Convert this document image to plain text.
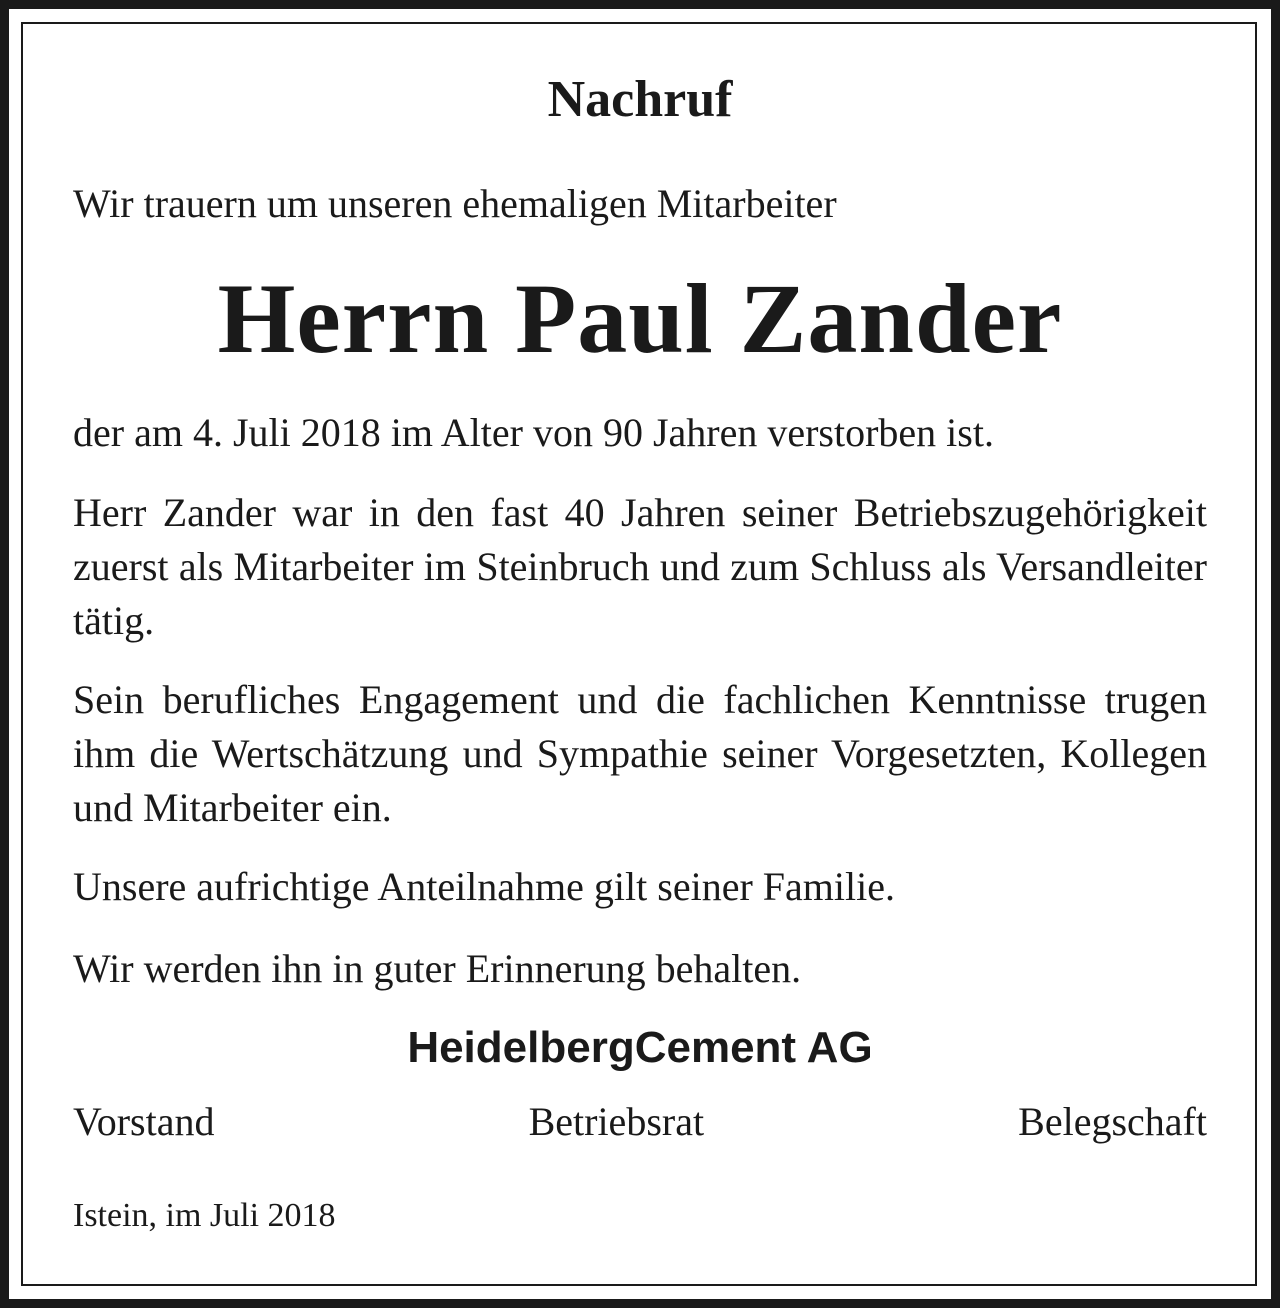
Nachruf

Wir trauern um unseren ehemaligen Mitarbeiter

Herrn Paul Zander

der am 4. Juli 2018 im Alter von 90 Jahren verstorben ist.

Herr Zander war in den fast 40 Jahren seiner Betriebszugehörigkeit zuerst als Mitarbeiter im Steinbruch und zum Schluss als Versandleiter tätig.

Sein berufliches Engagement und die fachlichen Kenntnisse trugen ihm die Wertschätzung und Sympathie seiner Vorgesetzten, Kollegen und Mitarbeiter ein.

Unsere aufrichtige Anteilnahme gilt seiner Familie.

Wir werden ihn in guter Erinnerung behalten.

HeidelbergCement AG

Vorstand	Betriebsrat	Belegschaft

Istein, im Juli 2018
